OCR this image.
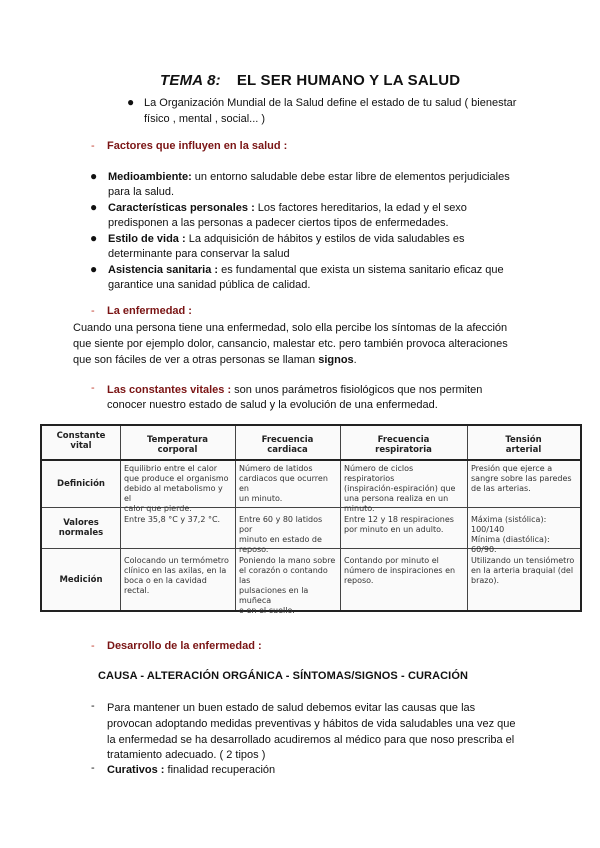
TEMA 8: EL SER HUMANO Y LA SALUD
● La Organización Mundial de la Salud define el estado de tu salud ( bienestar
físico , mental , social... )
- Factores que influyen en la salud :
● Medioambiente: un entorno saludable debe estar libre de elementos perjudiciales
para la salud.
● Características personales : Los factores hereditarios, la edad y el sexo
predisponen a las personas a padecer ciertos tipos de enfermedades.
● Estilo de vida : La adquisición de hábitos y estilos de vida saludables es
determinante para conservar la salud
● Asistencia sanitaria : es fundamental que exista un sistema sanitario eficaz que
garantice una sanidad pública de calidad.
- La enfermedad :
Cuando una persona tiene una enfermedad, solo ella percibe los síntomas de la afección
que siente por ejemplo dolor, cansancio, malestar etc. pero también provoca alteraciones
que son fáciles de ver a otras personas se llaman signos.
- Las constantes vitales : son unos parámetros fisiológicos que nos permiten
conocer nuestro estado de salud y la evolución de una enfermedad.
Constante
vital
Temperatura
corporal
Frecuencia
cardiaca
Frecuencia
respiratoria
Tensión
arterial
Definición
Equilibrio entre el calor
que produce el organismo
debido al metabolismo y el
calor que pierde.
Número de latidos
cardiacos que ocurren en
un minuto.
Número de ciclos respiratorios
(inspiración-espiración) que
una persona realiza en un
minuto.
Presión que ejerce a
sangre sobre las paredes
de las arterias.
Valores
normales
Entre 35,8 °C y 37,2 °C.	Entre 60 y 80 latidos por
minuto en estado de
reposo.
Entre 12 y 18 respiraciones
por minuto en un adulto.
Máxima (sistólica): 100/140
Mínima (diastólica): 60/90.
Medición
Colocando un termómetro
clínico en las axilas, en la
boca o en la cavidad rectal.
Poniendo la mano sobre
el corazón o contando las
pulsaciones en la muñeca
o en el cuello.
Contando por minuto el
número de inspiraciones en
reposo.
Utilizando un tensiómetro
en la arteria braquial (del
brazo).
- Desarrollo de la enfermedad :
CAUSA - ALTERACIÓN ORGÁNICA - SÍNTOMAS/SIGNOS - CURACIÓN
- Para mantener un buen estado de salud debemos evitar las causas que las
provocan adoptando medidas preventivas y hábitos de vida saludables una vez que
la enfermedad se ha desarrollado acudiremos al médico para que noso prescriba el
tratamiento adecuado. ( 2 tipos )
- Curativos : finalidad recuperación
